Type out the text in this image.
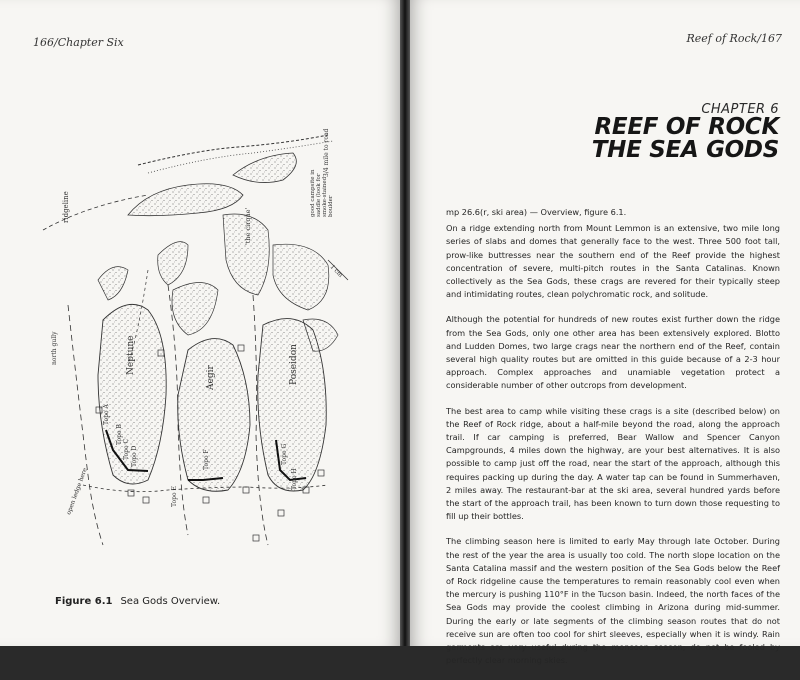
166/Chapter Six
1 cm
ridgeline
3/4 mile to road
good campsite in saddle (look for smoke-stained boulder
'the cirque'
north gully	Neptune
Aegir	Poseidon
open ledge here
Topo A
Topo B
Topo C Topo D
Topo E
Topo F	Topo G
Topo H
Figure 6.1 Sea Gods Overview.
Reef of Rock/167
CHAPTER 6
REEF OF ROCK
THE SEA GODS

mp 26.6(r, ski area) — Overview, figure 6.1.

On a ridge extending north from Mount Lemmon is an extensive, two mile long series of slabs and domes that generally face to the west. Three 500 foot tall, prow-like buttresses near the southern end of the Reef provide the highest concentration of severe, multi-pitch routes in the Santa Catalinas. Known collectively as the Sea Gods, these crags are revered for their typically steep and intimidating routes, clean polychromatic rock, and solitude.

Although the potential for hundreds of new routes exist further down the ridge from the Sea Gods, only one other area has been extensively explored. Blotto and Ludden Domes, two large crags near the northern end of the Reef, contain several high quality routes but are omitted in this guide because of a 2-3 hour approach. Complex approaches and unamiable vegetation protect a considerable number of other outcrops from development.

The best area to camp while visiting these crags is a site (described below) on the Reef of Rock ridge, about a half-mile beyond the road, along the approach trail. If car camping is preferred, Bear Wallow and Spencer Canyon Campgrounds, 4 miles down the highway, are your best alternatives. It is also possible to camp just off the road, near the start of the approach, although this requires packing up during the day. A water tap can be found in Summerhaven, 2 miles away. The restaurant-bar at the ski area, several hundred yards before the start of the approach trail, has been known to turn down those requesting to fill up their bottles.

The climbing season here is limited to early May through late October. During the rest of the year the area is usually too cold. The north slope location on the Santa Catalina massif and the western position of the Sea Gods below the Reef of Rock ridgeline cause the temperatures to remain reasonably cool even when the mercury is pushing 110°F in the Tucson basin. Indeed, the north faces of the Sea Gods may provide the coolest climbing in Arizona during mid-summer. During the early or late segments of the climbing season routes that do not receive sun are often too cool for shirt sleeves, especially when it is windy. Rain garments are very useful during the monsoon season; do not be fooled by perfectly clear morning skies.
